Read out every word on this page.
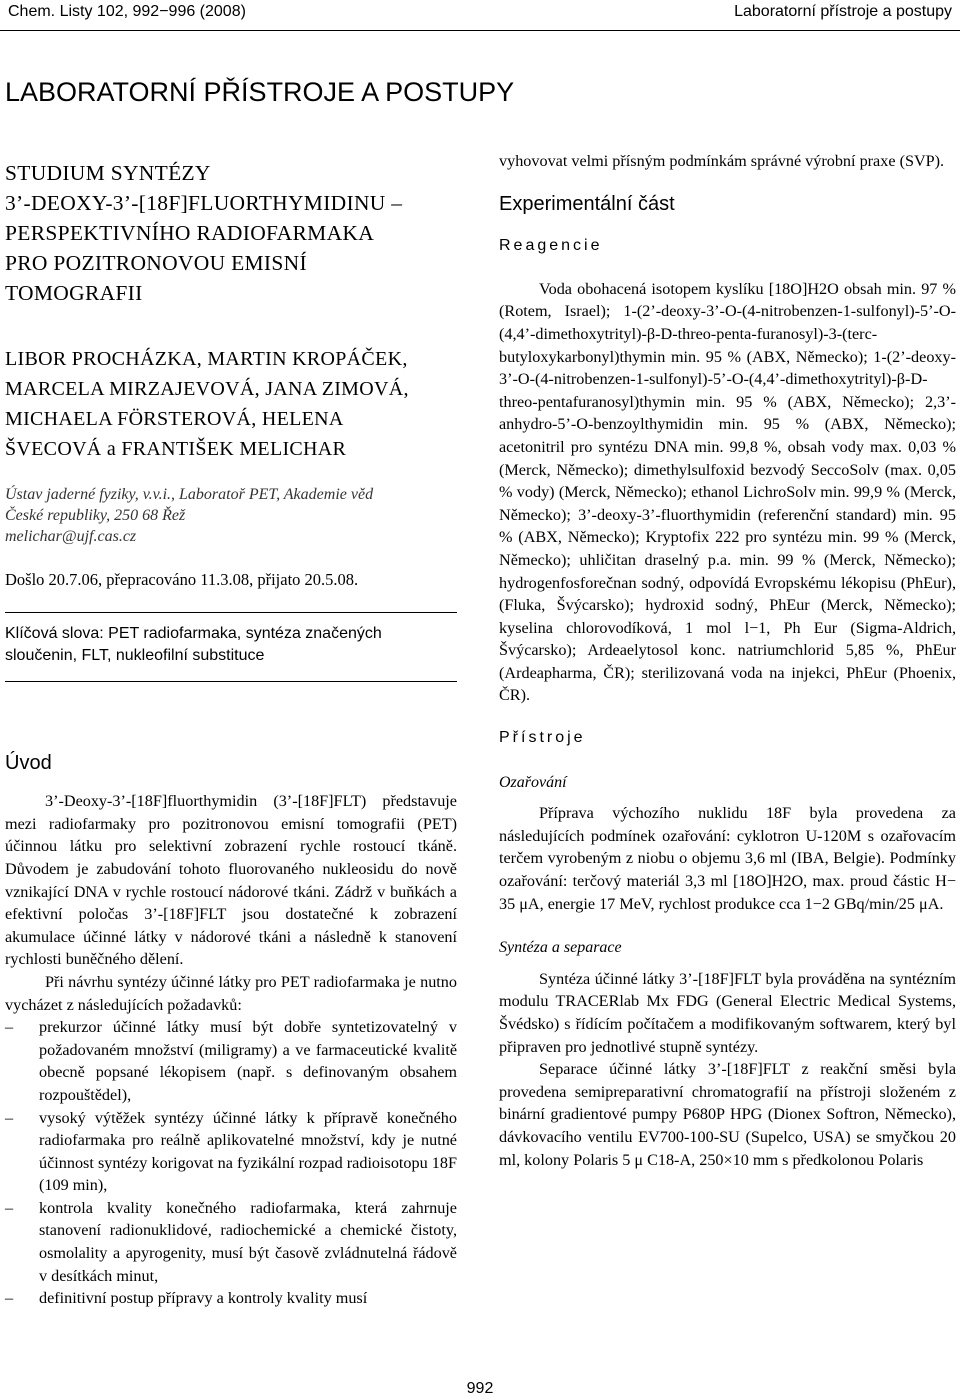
Chem. Listy 102, 992−996 (2008)	Laboratorní přístroje a postupy
LABORATORNÍ PŘÍSTROJE A POSTUPY
STUDIUM SYNTÉZY
3’-DEOXY-3’-[18F]FLUORTHYMIDINU –
PERSPEKTIVNÍHO RADIOFARMAKA
PRO POZITRONOVOU EMISNÍ
TOMOGRAFII
LIBOR PROCHÁZKA, MARTIN KROPÁČEK,
MARCELA MIRZAJEVOVÁ, JANA ZIMOVÁ,
MICHAELA FÖRSTEROVÁ, HELENA
ŠVECOVÁ a FRANTIŠEK MELICHAR
Ústav jaderné fyziky, v.v.i., Laboratoř PET, Akademie věd
České republiky, 250 68 Řež
melichar@ujf.cas.cz
Došlo 20.7.06, přepracováno 11.3.08, přijato 20.5.08.
Klíčová slova: PET radiofarmaka, syntéza značených sloučenin, FLT, nukleofilní substituce
Úvod

3’-Deoxy-3’-[18F]fluorthymidin (3’-[18F]FLT) představuje mezi radiofarmaky pro pozitronovou emisní tomografii (PET) účinnou látku pro selektivní zobrazení rychle rostoucí tkáně. Důvodem je zabudování tohoto fluorovaného nukleosidu do nově vznikající DNA v rychle rostoucí nádorové tkáni. Zádrž v buňkách a efektivní poločas 3’-[18F]FLT jsou dostatečné k zobrazení akumulace účinné látky v nádorové tkáni a následně k stanovení rychlosti buněčného dělení.

Při návrhu syntézy účinné látky pro PET radiofarmaka je nutno vycházet z následujících požadavků:

– prekurzor účinné látky musí být dobře syntetizovatelný v požadovaném množství (miligramy) a ve farmaceutické kvalitě obecně popsané lékopisem (např. s definovaným obsahem rozpouštědel),
– vysoký výtěžek syntézy účinné látky k přípravě konečného radiofarmaka pro reálně aplikovatelné množství, kdy je nutné účinnost syntézy korigovat na fyzikální rozpad radioisotopu 18F (109 min),
– kontrola kvality konečného radiofarmaka, která zahrnuje stanovení radionuklidové, radiochemické a chemické čistoty, osmolality a apyrogenity, musí být časově zvládnutelná řádově v desítkách minut,
– definitivní postup přípravy a kontroly kvality musí

vyhovovat velmi přísným podmínkám správné výrobní praxe (SVP).

Experimentální část
Reagencie

Voda obohacená isotopem kyslíku [18O]H2O obsah min. 97 % (Rotem, Israel); 1-(2’-deoxy-3’-O-(4-nitrobenzen-1-sulfonyl)-5’-O-(4,4’-dimethoxytrityl)-β-D-threo-penta-furanosyl)-3-(terc-butyloxykarbonyl)thymin min. 95 % (ABX, Německo); 1-(2’-deoxy-3’-O-(4-nitrobenzen-1-sulfonyl)-5’-O-(4,4’-dimethoxytrityl)-β-D-threo-pentafuranosyl)thymin min. 95 % (ABX, Německo); 2,3’-anhydro-5’-O-benzoylthymidin min. 95 % (ABX, Německo); acetonitril pro syntézu DNA min. 99,8 %, obsah vody max. 0,03 % (Merck, Německo); dimethylsulfoxid bezvodý SeccoSolv (max. 0,05 % vody) (Merck, Německo); ethanol LichroSolv min. 99,9 % (Merck, Německo); 3’-deoxy-3’-fluorthymidin (referenční standard) min. 95 % (ABX, Německo); Kryptofix 222 pro syntézu min. 99 % (Merck, Německo); uhličitan draselný p.a. min. 99 % (Merck, Německo); hydrogenfosforečnan sodný, odpovídá Evropskému lékopisu (PhEur), (Fluka, Švýcarsko); hydroxid sodný, PhEur (Merck, Německo); kyselina chlorovodíková, 1 mol l−1, Ph Eur (Sigma-Aldrich, Švýcarsko); Ardeaelytosol konc. natriumchlorid 5,85 %, PhEur (Ardeapharma, ČR); sterilizovaná voda na injekci, PhEur (Phoenix, ČR).

Přístroje
Ozařování

Příprava výchozího nuklidu 18F byla provedena za následujících podmínek ozařování: cyklotron U-120M s ozařovacím terčem vyrobeným z niobu o objemu 3,6 ml (IBA, Belgie). Podmínky ozařování: terčový materiál 3,3 ml [18O]H2O, max. proud částic H− 35 μA, energie 17 MeV, rychlost produkce cca 1−2 GBq/min/25 μA.

Syntéza a separace

Syntéza účinné látky 3’-[18F]FLT byla prováděna na syntézním modulu TRACERlab Mx FDG (General Electric Medical Systems, Švédsko) s řídícím počítačem a modifikovaným softwarem, který byl připraven pro jednotlivé stupně syntézy.

Separace účinné látky 3’-[18F]FLT z reakční směsi byla provedena semipreparativní chromatografií na přístroji složeném z binární gradientové pumpy P680P HPG (Dionex Softron, Německo), dávkovacího ventilu EV700-100-SU (Supelco, USA) se smyčkou 20 ml, kolony Polaris 5 μ C18-A, 250×10 mm s předkolonou Polaris

992
